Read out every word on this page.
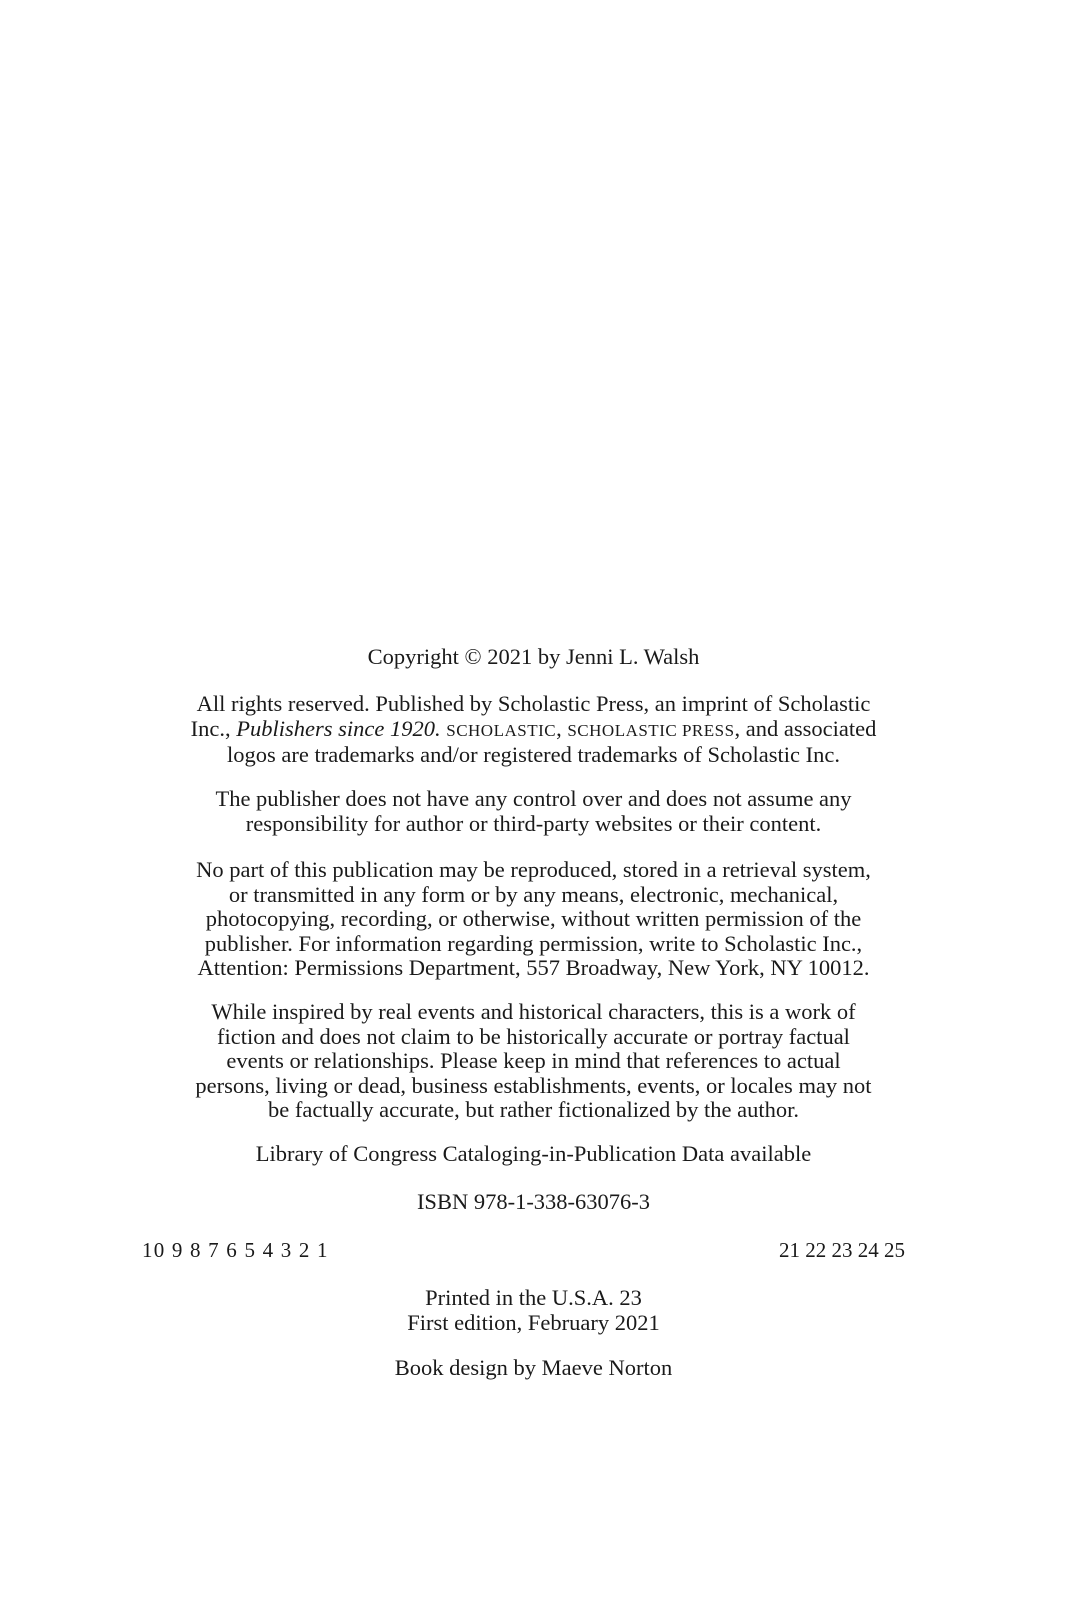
Copyright © 2021 by Jenni L. Walsh
All rights reserved. Published by Scholastic Press, an imprint of Scholastic
Inc., Publishers since 1920. SCHOLASTIC, SCHOLASTIC PRESS, and associated
logos are trademarks and/or registered trademarks of Scholastic Inc.
The publisher does not have any control over and does not assume any
responsibility for author or third-party websites or their content.
No part of this publication may be reproduced, stored in a retrieval system,
or transmitted in any form or by any means, electronic, mechanical,
photocopying, recording, or otherwise, without written permission of the
publisher. For information regarding permission, write to Scholastic Inc.,
Attention: Permissions Department, 557 Broadway, New York, NY 10012.
While inspired by real events and historical characters, this is a work of
fiction and does not claim to be historically accurate or portray factual
events or relationships. Please keep in mind that references to actual
persons, living or dead, business establishments, events, or locales may not
be factually accurate, but rather fictionalized by the author.
Library of Congress Cataloging-in-Publication Data available
ISBN 978-1-338-63076-3
10 9 8 7 6 5 4 3 2 1	21 22 23 24 25
Printed in the U.S.A. 23
First edition, February 2021
Book design by Maeve Norton
